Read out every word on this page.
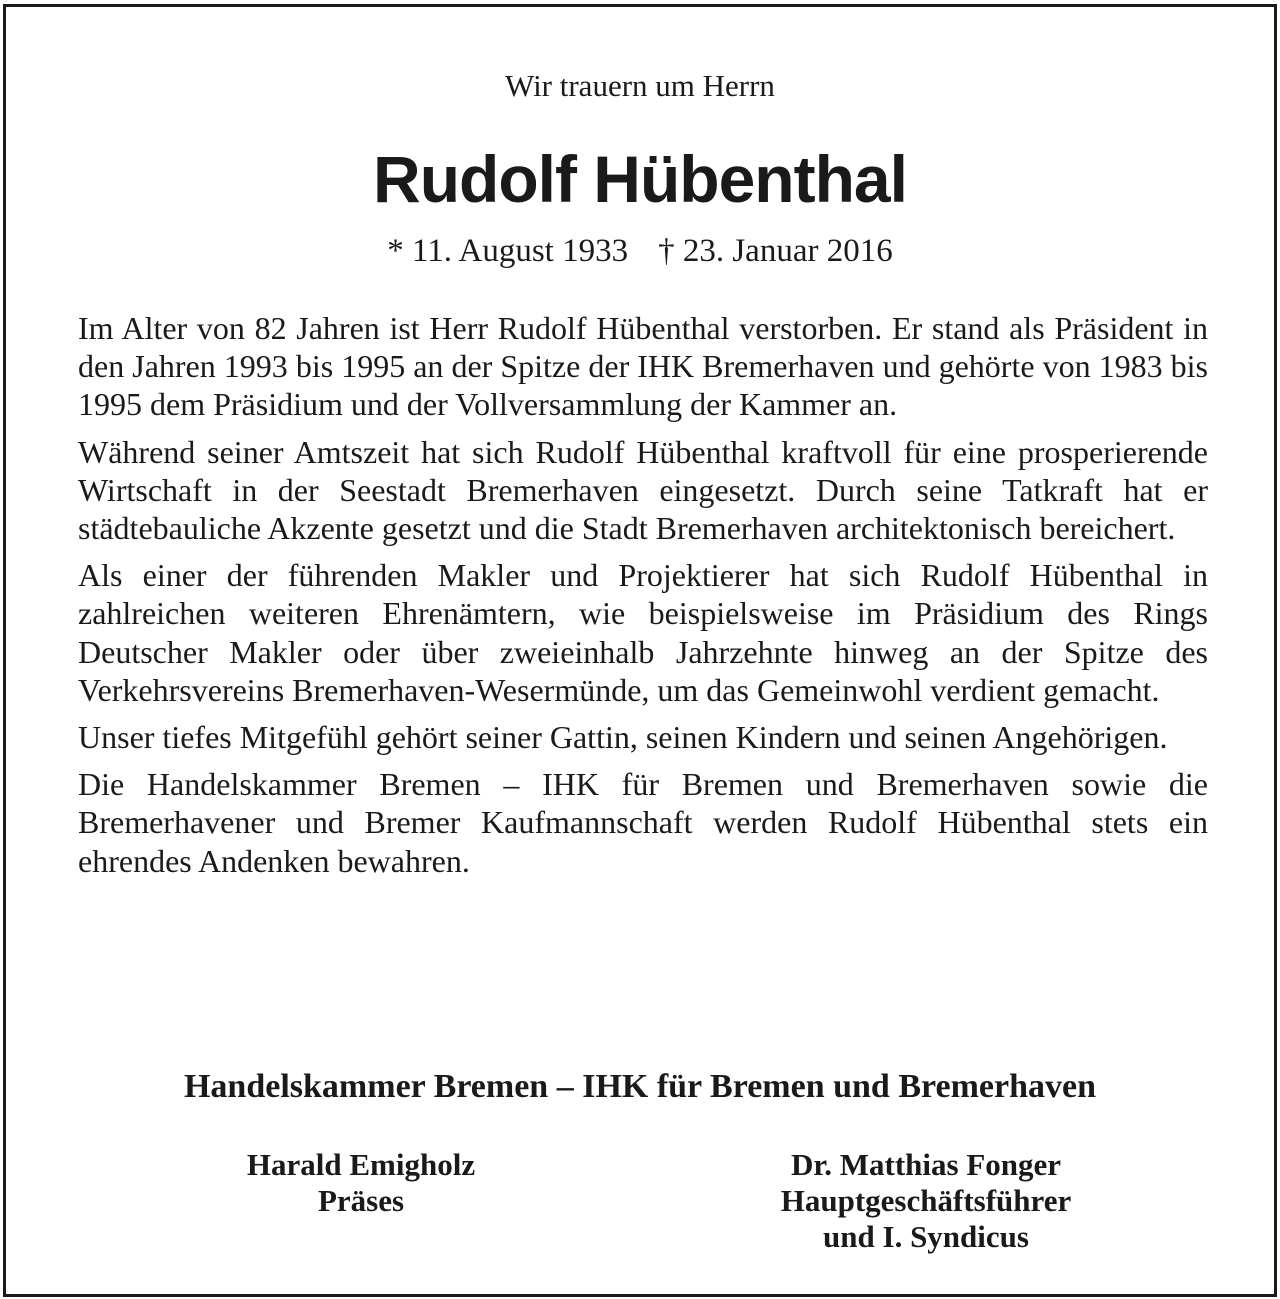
Wir trauern um Herrn
Rudolf Hübenthal
* 11. August 1933 † 23. Januar 2016

Im Alter von 82 Jahren ist Herr Rudolf Hübenthal verstorben. Er stand als Präsident in den Jahren 1993 bis 1995 an der Spitze der IHK Bremerhaven und gehörte von 1983 bis 1995 dem Präsidium und der Vollversammlung der Kammer an.

Während seiner Amtszeit hat sich Rudolf Hübenthal kraftvoll für eine prosperierende Wirtschaft in der Seestadt Bremerhaven eingesetzt. Durch seine Tatkraft hat er städtebauliche Akzente gesetzt und die Stadt Bremerhaven architektonisch bereichert.

Als einer der führenden Makler und Projektierer hat sich Rudolf Hübenthal in zahlreichen weiteren Ehrenämtern, wie beispielsweise im Präsidium des Rings Deutscher Makler oder über zweieinhalb Jahrzehnte hinweg an der Spitze des Verkehrsvereins Bremerhaven-Wesermünde, um das Gemeinwohl verdient gemacht.

Unser tiefes Mitgefühl gehört seiner Gattin, seinen Kindern und seinen Angehörigen.

Die Handelskammer Bremen – IHK für Bremen und Bremerhaven sowie die Bremerhavener und Bremer Kaufmannschaft werden Rudolf Hübenthal stets ein ehrendes Andenken bewahren.

Handelskammer Bremen – IHK für Bremen und Bremerhaven
Harald Emigholz
Präses
Dr. Matthias Fonger
Hauptgeschäftsführer
und I. Syndicus
